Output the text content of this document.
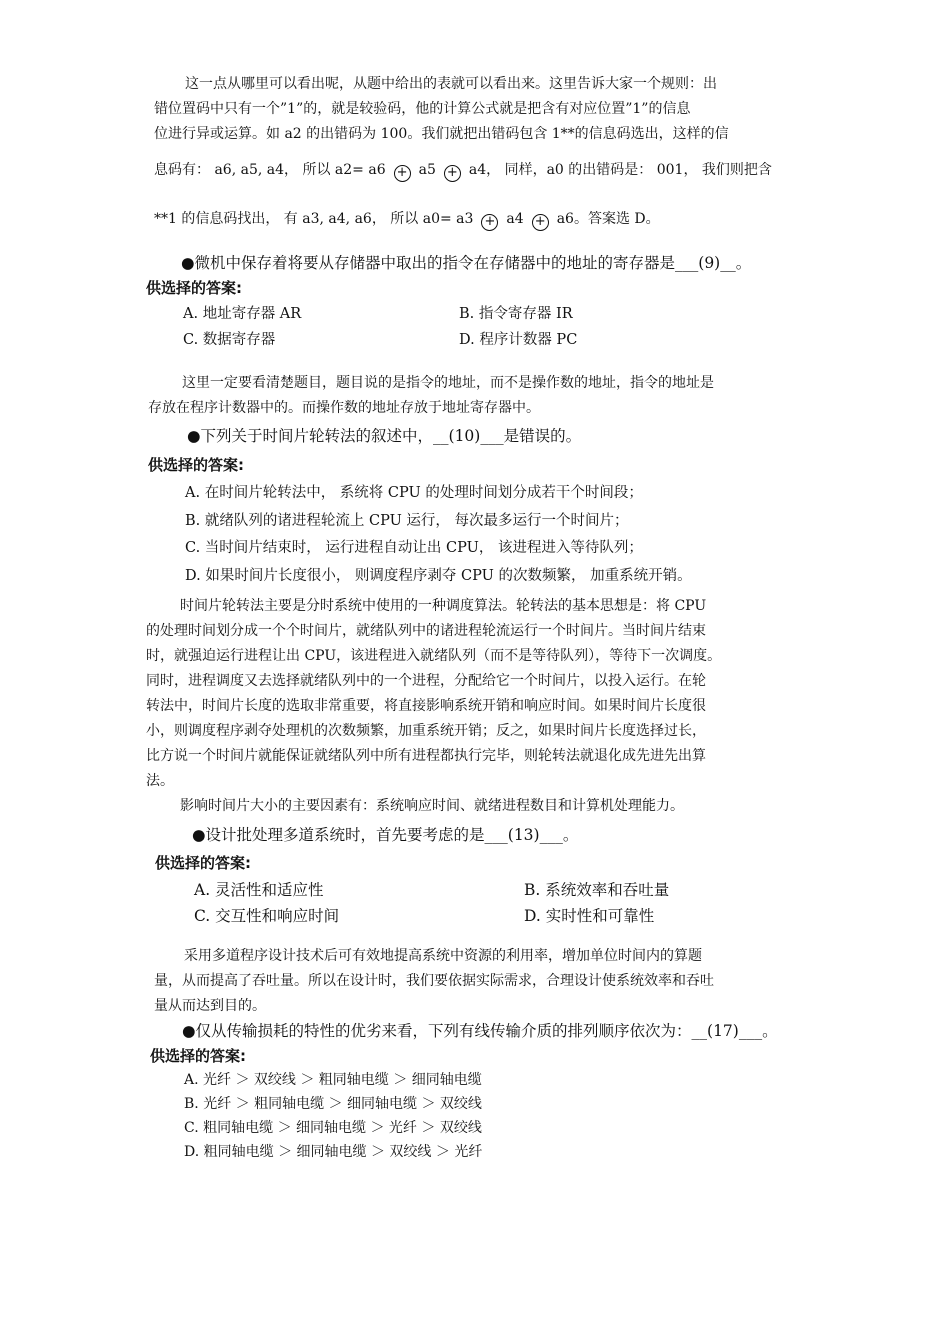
这一点从哪里可以看出呢，从题中给出的表就可以看出来。这里告诉大家一个规则：出
错位置码中只有一个”1”的，就是较验码，他的计算公式就是把含有对应位置”1”的信息
位进行异或运算。如 a2 的出错码为 100。我们就把出错码包含 1**的信息码选出，这样的信
息码有： a6, a5, a4， 所以 a2= a6 + a5 + a4， 同样，a0 的出错码是： 001， 我们则把含
**1 的信息码找出， 有 a3, a4, a6， 所以 a0= a3 + a4 + a6。答案选 D。
●微机中保存着将要从存储器中取出的指令在存储器中的地址的寄存器是___(9)__。
供选择的答案:
A. 地址寄存器 AR	B. 指令寄存器 IR
C. 数据寄存器	D. 程序计数器 PC
这里一定要看清楚题目，题目说的是指令的地址，而不是操作数的地址，指令的地址是
存放在程序计数器中的。而操作数的地址存放于地址寄存器中。
●下列关于时间片轮转法的叙述中，__(10)___是错误的。
供选择的答案:
A. 在时间片轮转法中， 系统将 CPU 的处理时间划分成若干个时间段；
B. 就绪队列的诸进程轮流上 CPU 运行， 每次最多运行一个时间片；
C. 当时间片结束时， 运行进程自动让出 CPU， 该进程进入等待队列；
D. 如果时间片长度很小， 则调度程序剥夺 CPU 的次数频繁， 加重系统开销。
时间片轮转法主要是分时系统中使用的一种调度算法。轮转法的基本思想是：将 CPU
的处理时间划分成一个个时间片，就绪队列中的诸进程轮流运行一个时间片。当时间片结束
时，就强迫运行进程让出 CPU，该进程进入就绪队列（而不是等待队列），等待下一次调度。
同时，进程调度又去选择就绪队列中的一个进程，分配给它一个时间片，以投入运行。在轮
转法中，时间片长度的选取非常重要，将直接影响系统开销和响应时间。如果时间片长度很
小，则调度程序剥夺处理机的次数频繁，加重系统开销；反之，如果时间片长度选择过长，
比方说一个时间片就能保证就绪队列中所有进程都执行完毕，则轮转法就退化成先进先出算
法。
影响时间片大小的主要因素有：系统响应时间、就绪进程数目和计算机处理能力。
●设计批处理多道系统时，首先要考虑的是___(13)___。
供选择的答案:
A. 灵活性和适应性	B. 系统效率和吞吐量
C. 交互性和响应时间	D. 实时性和可靠性
采用多道程序设计技术后可有效地提高系统中资源的利用率，增加单位时间内的算题
量，从而提高了吞吐量。所以在设计时，我们要依据实际需求，合理设计使系统效率和吞吐
量从而达到目的。
●仅从传输损耗的特性的优劣来看，下列有线传输介质的排列顺序依次为：__(17)___。
供选择的答案:
A. 光纤 ＞ 双绞线 ＞ 粗同轴电缆 ＞ 细同轴电缆
B. 光纤 ＞ 粗同轴电缆 ＞ 细同轴电缆 ＞ 双绞线
C. 粗同轴电缆 ＞ 细同轴电缆 ＞ 光纤 ＞ 双绞线
D. 粗同轴电缆 ＞ 细同轴电缆 ＞ 双绞线 ＞ 光纤
